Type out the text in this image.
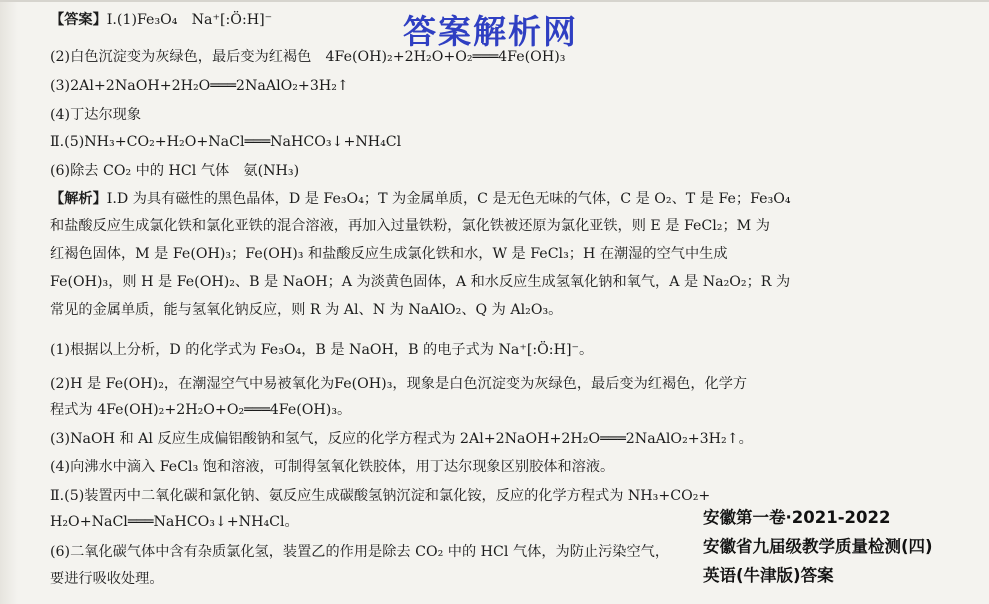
【答案】Ⅰ.(1)Fe₃O₄　Na⁺[:Ö:H]⁻
(2)白色沉淀变为灰绿色，最后变为红褐色　4Fe(OH)₂+2H₂O+O₂═══4Fe(OH)₃
(3)2Al+2NaOH+2H₂O═══2NaAlO₂+3H₂↑
(4)丁达尔现象
Ⅱ.(5)NH₃+CO₂+H₂O+NaCl═══NaHCO₃↓+NH₄Cl
(6)除去 CO₂ 中的 HCl 气体　氨(NH₃)
【解析】Ⅰ.D 为具有磁性的黑色晶体，D 是 Fe₃O₄；T 为金属单质，C 是无色无味的气体，C 是 O₂、T 是 Fe；Fe₃O₄
和盐酸反应生成氯化铁和氯化亚铁的混合溶液，再加入过量铁粉，氯化铁被还原为氯化亚铁，则 E 是 FeCl₂；M 为
红褐色固体，M 是 Fe(OH)₃；Fe(OH)₃ 和盐酸反应生成氯化铁和水，W 是 FeCl₃；H 在潮湿的空气中生成
Fe(OH)₃，则 H 是 Fe(OH)₂、B 是 NaOH；A 为淡黄色固体，A 和水反应生成氢氧化钠和氧气，A 是 Na₂O₂；R 为
常见的金属单质，能与氢氧化钠反应，则 R 为 Al、N 为 NaAlO₂、Q 为 Al₂O₃。
(1)根据以上分析，D 的化学式为 Fe₃O₄，B 是 NaOH，B 的电子式为 Na⁺[:Ö:H]⁻。
(2)H 是 Fe(OH)₂，在潮湿空气中易被氧化为Fe(OH)₃，现象是白色沉淀变为灰绿色，最后变为红褐色，化学方
程式为 4Fe(OH)₂+2H₂O+O₂═══4Fe(OH)₃。
(3)NaOH 和 Al 反应生成偏铝酸钠和氢气，反应的化学方程式为 2Al+2NaOH+2H₂O═══2NaAlO₂+3H₂↑。
(4)向沸水中滴入 FeCl₃ 饱和溶液，可制得氢氧化铁胶体，用丁达尔现象区别胶体和溶液。
Ⅱ.(5)装置丙中二氧化碳和氯化钠、氨反应生成碳酸氢钠沉淀和氯化铵，反应的化学方程式为 NH₃+CO₂+
H₂O+NaCl═══NaHCO₃↓+NH₄Cl。
(6)二氧化碳气体中含有杂质氯化氢，装置乙的作用是除去 CO₂ 中的 HCl 气体，为防止污染空气，
要进行吸收处理。
答案解析网
安徽第一卷·2021-2022
安徽省九届级教学质量检测(四)
英语(牛津版)答案
